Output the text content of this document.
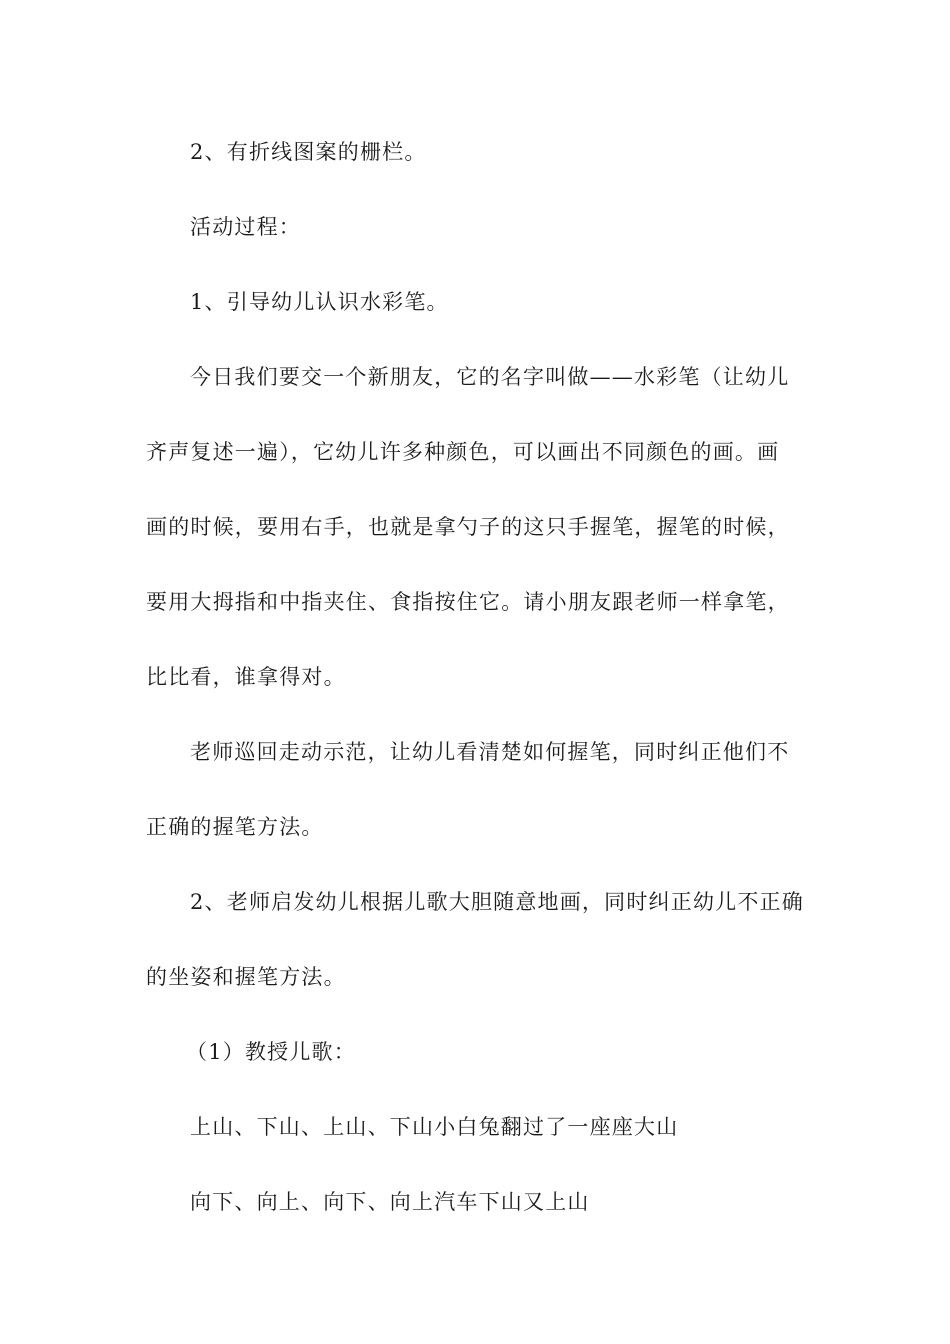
2、有折线图案的栅栏。

活动过程：

1、引导幼儿认识水彩笔。

今日我们要交一个新朋友，它的名字叫做——水彩笔（让幼儿

齐声复述一遍），它幼儿许多种颜色，可以画出不同颜色的画。画

画的时候，要用右手，也就是拿勺子的这只手握笔，握笔的时候，

要用大拇指和中指夹住、食指按住它。请小朋友跟老师一样拿笔，

比比看，谁拿得对。

老师巡回走动示范，让幼儿看清楚如何握笔，同时纠正他们不

正确的握笔方法。

2、老师启发幼儿根据儿歌大胆随意地画，同时纠正幼儿不正确

的坐姿和握笔方法。

（1）教授儿歌：

上山、下山、上山、下山小白兔翻过了一座座大山

向下、向上、向下、向上汽车下山又上山
